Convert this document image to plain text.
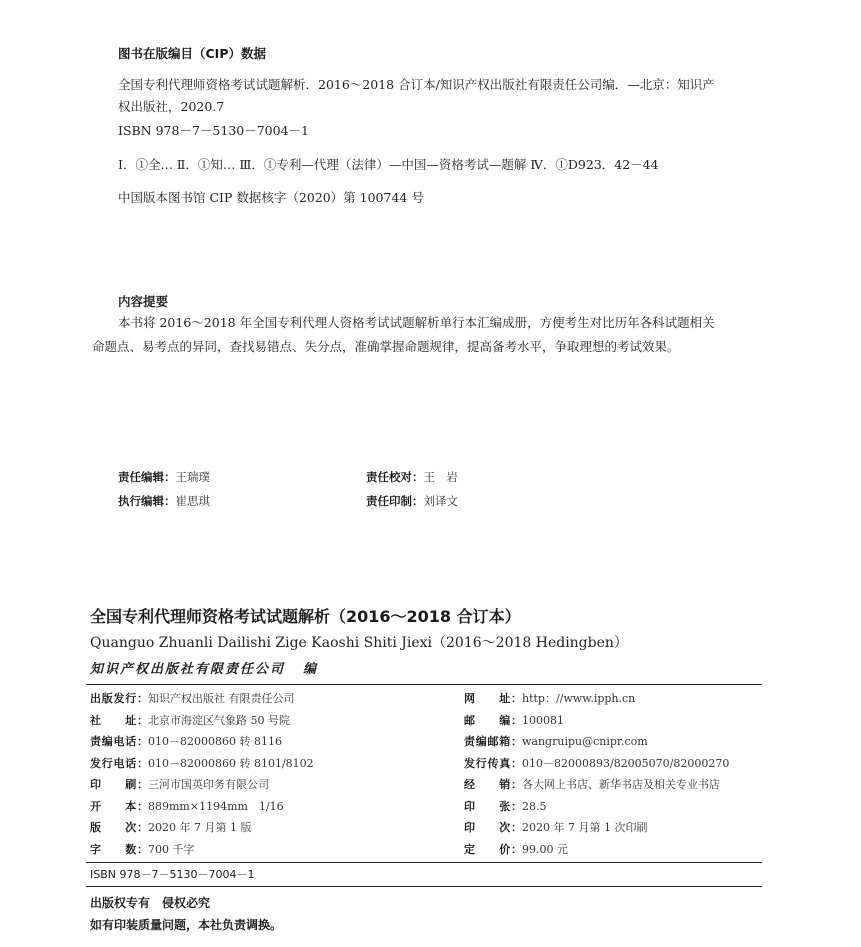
图书在版编目（CIP）数据
全国专利代理师资格考试试题解析．2016～2018 合订本/知识产权出版社有限责任公司编．—北京：知识产
权出版社，2020.7
ISBN 978－7－5130－7004－1
Ⅰ．①全… Ⅱ．①知… Ⅲ．①专利—代理（法律）—中国—资格考试—题解 Ⅳ．①D923．42－44
中国版本图书馆 CIP 数据核字（2020）第 100744 号
内容提要
本书将 2016～2018 年全国专利代理人资格考试试题解析单行本汇编成册，方便考生对比历年各科试题相关
命题点、易考点的异同，查找易错点、失分点，准确掌握命题规律，提高备考水平，争取理想的考试效果。
责任编辑：王瑞璞	责任校对：王　岩
执行编辑：崔思琪	责任印制：刘译文
全国专利代理师资格考试试题解析（2016～2018 合订本）
Quanguo Zhuanli Dailishi Zige Kaoshi Shiti Jiexi（2016～2018 Hedingben）
知识产权出版社有限责任公司 编
出版发行：知识产权出版社 有限责任公司
社　　址：北京市海淀区气象路 50 号院
责编电话：010－82000860 转 8116
发行电话：010－82000860 转 8101/8102
印　　刷：三河市国英印务有限公司
开　　本：889mm×1194mm　1/16
版　　次：2020 年 7 月第 1 版
字　　数：700 千字
网　　址：http：//www.ipph.cn
邮　　编：100081
责编邮箱：wangruipu@cnipr.com
发行传真：010－82000893/82005070/82000270
经　　销：各大网上书店、新华书店及相关专业书店
印　　张：28.5
印　　次：2020 年 7 月第 1 次印刷
定　　价：99.00 元
ISBN 978－7－5130－7004－1
出版权专有　侵权必究
如有印装质量问题，本社负责调换。
